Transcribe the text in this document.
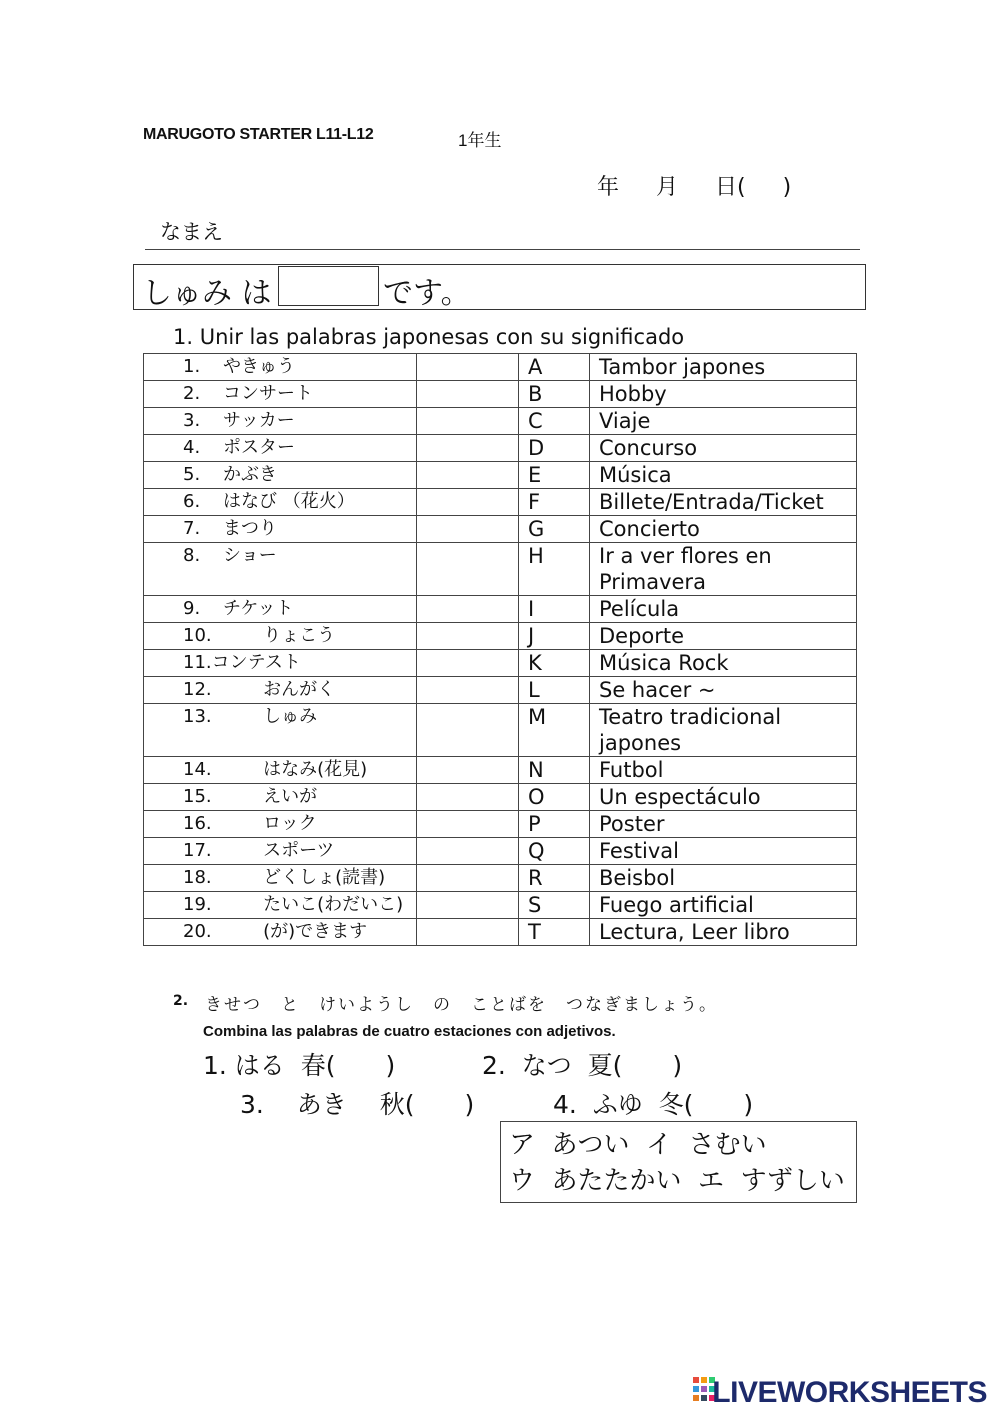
MARUGOTO STARTER L11-L12	1年生
年 月 日( )
なまえ
しゅみ は	です。
1. Unir las palabras japonesas con su significado
1.    やきゅう		A	Tambor japones
2.    コンサート		B	Hobby
3.    サッカー		C	Viaje
4.    ポスター		D	Concurso
5.    かぶき		E	Música
6.    はなび （花火）		F	Billete/Entrada/Ticket
7.    まつり		G	Concierto
8.    ショー		H	Ir a ver flores en Primavera
9.    チケット		I	Película
10.         りょこう		J	Deporte
11.コンテスト		K	Música Rock
12.         おんがく		L	Se hacer ~
13.         しゅみ		M	Teatro tradicional japones
14.         はなみ(花見)		N	Futbol
15.         えいが		O	Un espectáculo
16.         ロック		P	Poster
17.         スポーツ		Q	Festival
18.         どくしょ(読書)		R	Beisbol
19.         たいこ(わだいこ)		S	Fuego artificial
20.         (が)できます		T	Lectura, Leer libro
2. きせつ　と　けいようし　の　ことばを　つなぎましょう。
Combina las palabras de cuatro estaciones con adjetivos.
1. はる  春(　　)	2.  なつ  夏(　　)
3.　 あき　 秋(　　)	4.  ふゆ  冬(　　)
ア  あつい  イ  さむい
ウ  あたたかい  エ  すずしい
LIVEWORKSHEETS
